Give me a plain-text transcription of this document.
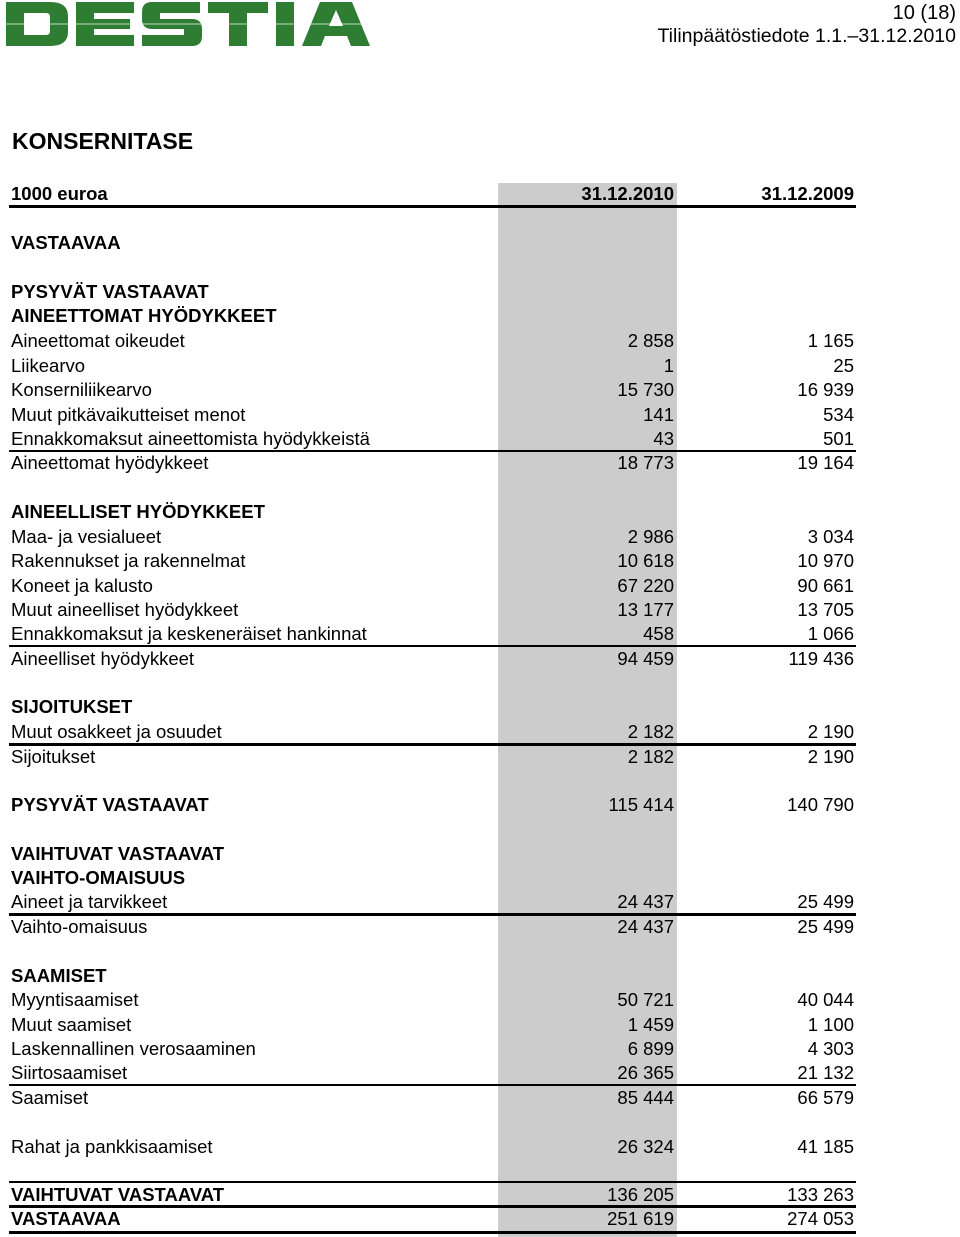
10 (18)
Tilinpäätöstiedote 1.1.–31.12.2010
KONSERNITASE
1000 euroa	31.12.2010	31.12.2009
VASTAAVAA
PYSYVÄT VASTAAVAT
AINEETTOMAT HYÖDYKKEET
Aineettomat oikeudet	2 858	1 165
Liikearvo	1	25
Konserniliikearvo	15 730	16 939
Muut pitkävaikutteiset menot	141	534
Ennakkomaksut aineettomista hyödykkeistä	43	501
Aineettomat hyödykkeet	18 773	19 164
AINEELLISET HYÖDYKKEET
Maa- ja vesialueet	2 986	3 034
Rakennukset ja rakennelmat	10 618	10 970
Koneet ja kalusto	67 220	90 661
Muut aineelliset hyödykkeet	13 177	13 705
Ennakkomaksut ja keskeneräiset hankinnat	458	1 066
Aineelliset hyödykkeet	94 459	119 436
SIJOITUKSET
Muut osakkeet ja osuudet	2 182	2 190
Sijoitukset	2 182	2 190
PYSYVÄT VASTAAVAT	115 414	140 790
VAIHTUVAT VASTAAVAT
VAIHTO-OMAISUUS
Aineet ja tarvikkeet	24 437	25 499
Vaihto-omaisuus	24 437	25 499
SAAMISET
Myyntisaamiset	50 721	40 044
Muut saamiset	1 459	1 100
Laskennallinen verosaaminen	6 899	4 303
Siirtosaamiset	26 365	21 132
Saamiset	85 444	66 579
Rahat ja pankkisaamiset	26 324	41 185
VAIHTUVAT VASTAAVAT	136 205	133 263
VASTAAVAA	251 619	274 053
